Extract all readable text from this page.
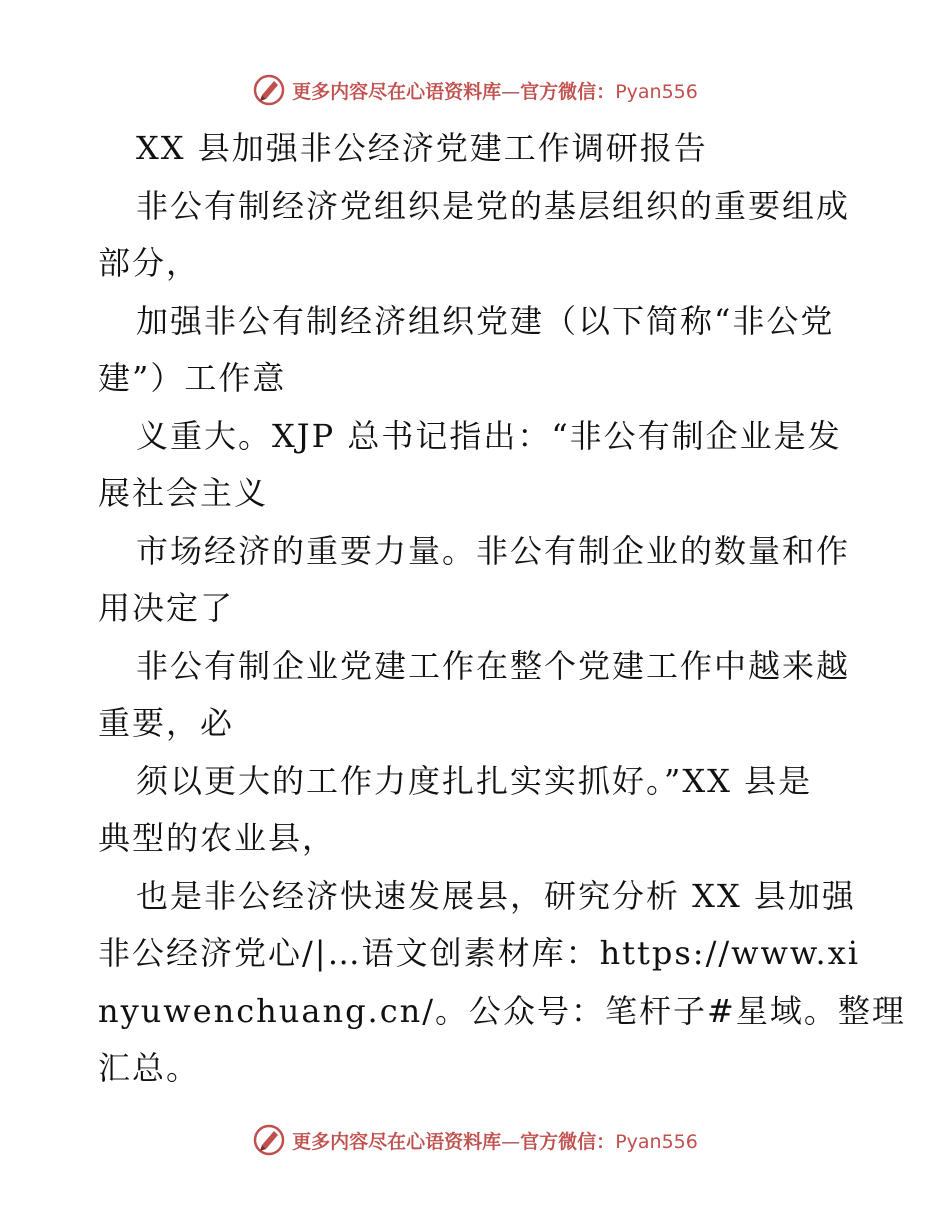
更多内容尽在心语资料库—官方微信：Pyan556
XX 县加强非公经济党建工作调研报告
非公有制经济党组织是党的基层组织的重要组成
部分，
加强非公有制经济组织党建（以下简称“非公党
建”）工作意
义重大。XJP 总书记指出：“非公有制企业是发
展社会主义
市场经济的重要力量。非公有制企业的数量和作
用决定了
非公有制企业党建工作在整个党建工作中越来越
重要，必
须以更大的工作力度扎扎实实抓好。”XX 县是
典型的农业县，
也是非公经济快速发展县，研究分析 XX 县加强
非公经济党心/|…语文创素材库：https://www.xi
nyuwenchuang.cn/。公众号：笔杆子#星域。整理
汇总。
更多内容尽在心语资料库—官方微信：Pyan556
